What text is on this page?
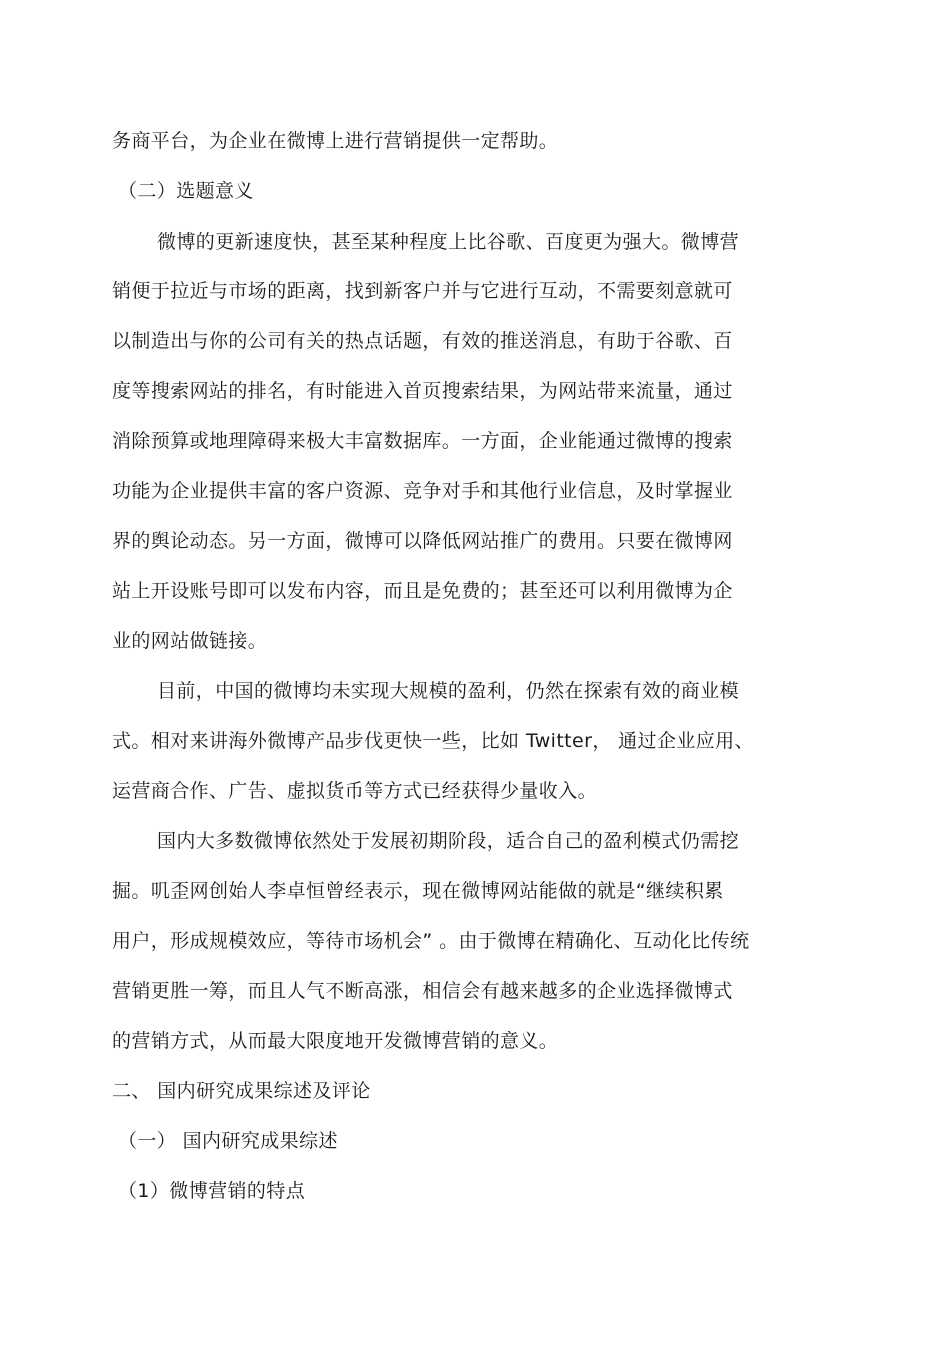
务商平台，为企业在微博上进行营销提供一定帮助。
（二）选题意义
微博的更新速度快，甚至某种程度上比谷歌、百度更为强大。微博营
销便于拉近与市场的距离，找到新客户并与它进行互动，不需要刻意就可
以制造出与你的公司有关的热点话题，有效的推送消息，有助于谷歌、百
度等搜索网站的排名，有时能进入首页搜索结果，为网站带来流量，通过
消除预算或地理障碍来极大丰富数据库。一方面，企业能通过微博的搜索
功能为企业提供丰富的客户资源、竞争对手和其他行业信息，及时掌握业
界的舆论动态。另一方面，微博可以降低网站推广的费用。只要在微博网
站上开设账号即可以发布内容，而且是免费的；甚至还可以利用微博为企
业的网站做链接。
目前，中国的微博均未实现大规模的盈利，仍然在探索有效的商业模
式。相对来讲海外微博产品步伐更快一些，比如 Twitter， 通过企业应用、
运营商合作、广告、虚拟货币等方式已经获得少量收入。
国内大多数微博依然处于发展初期阶段，适合自己的盈利模式仍需挖
掘。叽歪网创始人李卓恒曾经表示，现在微博网站能做的就是“继续积累
用户，形成规模效应，等待市场机会” 。由于微博在精确化、互动化比传统
营销更胜一筹，而且人气不断高涨，相信会有越来越多的企业选择微博式
的营销方式，从而最大限度地开发微博营销的意义。
二、 国内研究成果综述及评论
（一） 国内研究成果综述
（1）微博营销的特点
